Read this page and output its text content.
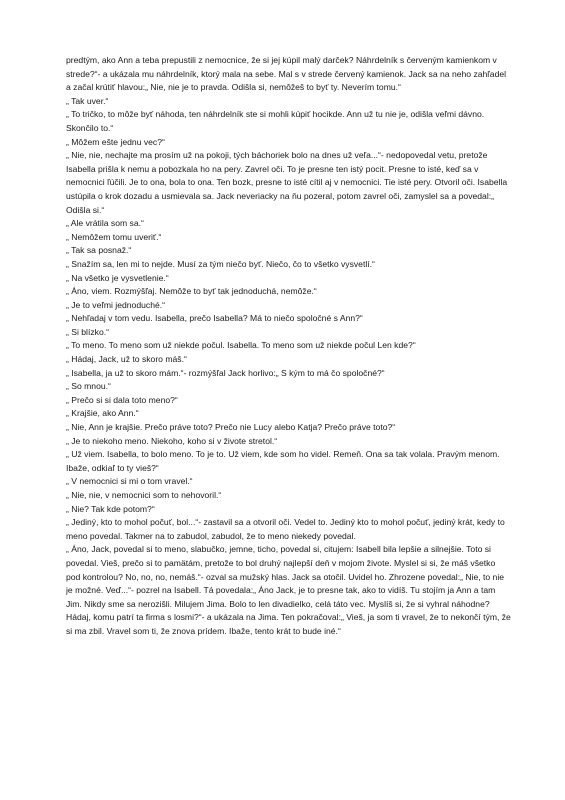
predtým, ako Ann a teba prepustili z nemocnice, že si jej kúpil malý darček? Náhrdelník s červeným kamienkom v strede?“- a ukázala mu náhrdelník, ktorý mala na sebe. Mal s v strede červený kamienok. Jack sa na neho zahľadel a začal krútiť hlavou:„ Nie, nie je to pravda. Odišla si, nemôžeš to byť ty. Neverím tomu.“

„ Tak uver.“

„ To tričko, to môže byť náhoda, ten náhrdelník ste si mohli kúpiť hocikde. Ann už tu nie je, odišla veľmi dávno. Skončilo to.“

„ Môžem ešte jednu vec?“

„ Nie, nie, nechajte ma prosím už na pokoji, tých báchoriek bolo na dnes už veľa...“- nedopovedal vetu, pretože Isabella prišla k nemu a pobozkala ho na pery. Zavrel oči. To je presne ten istý pocit. Presne to isté, keď sa v nemocnici ľúčili. Je to ona, bola to ona. Ten bozk, presne to isté cítil aj v nemocnici. Tie isté pery. Otvoril oči. Isabella ustúpila o krok dozadu a usmievala sa. Jack neveriacky na ňu pozeral, potom zavrel oči, zamyslel sa a povedal:„ Odišla si.“

„ Ale vrátila som sa.“

„ Nemôžem tomu uveriť.“

„ Tak sa posnaž.“

„ Snažím sa, len mi to nejde. Musí za tým niečo byť. Niečo, čo to všetko vysvetlí.“

„ Na všetko je vysvetlenie.“

„ Áno, viem. Rozmýšľaj. Nemôže to byť tak jednoduchá, nemôže.“

„ Je to veľmi jednoduché.“

„ Nehľadaj v tom vedu. Isabella, prečo Isabella? Má to niečo spoločné s Ann?“

„ Si blízko.“

„ To meno. To meno som už niekde počul. Isabella. To meno som už niekde počul Len kde?“

„ Hádaj, Jack, už to skoro máš.“

„ Isabella, ja už to skoro mám.“- rozmýšľal Jack horlivo:„ S kým to má čo spoločné?“

„ So mnou.“

„ Prečo si si dala toto meno?“

„ Krajšie, ako Ann.“

„ Nie, Ann je krajšie. Prečo práve toto? Prečo nie Lucy alebo Katja? Prečo práve toto?“

„ Je to niekoho meno. Niekoho, koho si v živote stretol.“

„ Už viem. Isabella, to bolo meno. To je to. Už viem, kde som ho videl. Remeň. Ona sa tak volala. Pravým menom. Ibaže, odkiaľ to ty vieš?“

„ V nemocnici si mi o tom vravel.“

„ Nie, nie, v nemocnici som to nehovoril.“

„ Nie? Tak kde potom?“

„ Jediný, kto to mohol počuť, bol...“- zastavil sa a otvoril oči. Vedel to. Jediný kto to mohol počuť, jediný krát, kedy to meno povedal. Takmer na to zabudol, zabudol, že to meno niekedy povedal.

„ Áno, Jack, povedal si to meno, slabučko, jemne, ticho, povedal si, citujem: Isabell bila lepšie a silnejšie. Toto si povedal. Vieš, prečo si to pamätám, pretože to bol druhý najlepší deň v mojom živote. Myslel si si, že máš všetko pod kontrolou? No, no, no, nemáš.“- ozval sa mužský hlas. Jack sa otočil. Uvidel ho. Zhrozene povedal:„ Nie, to nie je možné. Veď...“- pozrel na Isabell. Tá povedala:„ Áno Jack, je to presne tak, ako to vidíš. Tu stojím ja Ann a tam Jim. Nikdy sme sa nerozišli. Milujem Jima. Bolo to len divadielko, celá táto vec. Myslíš si, že si vyhral náhodne? Hádaj, komu patrí ta firma s losmi?“- a ukázala na Jima. Ten pokračoval:„ Vieš, ja som ti vravel, že to nekončí tým, že si ma zbil. Vravel som ti, že znova prídem. Ibaže, tento krát to bude iné.“
